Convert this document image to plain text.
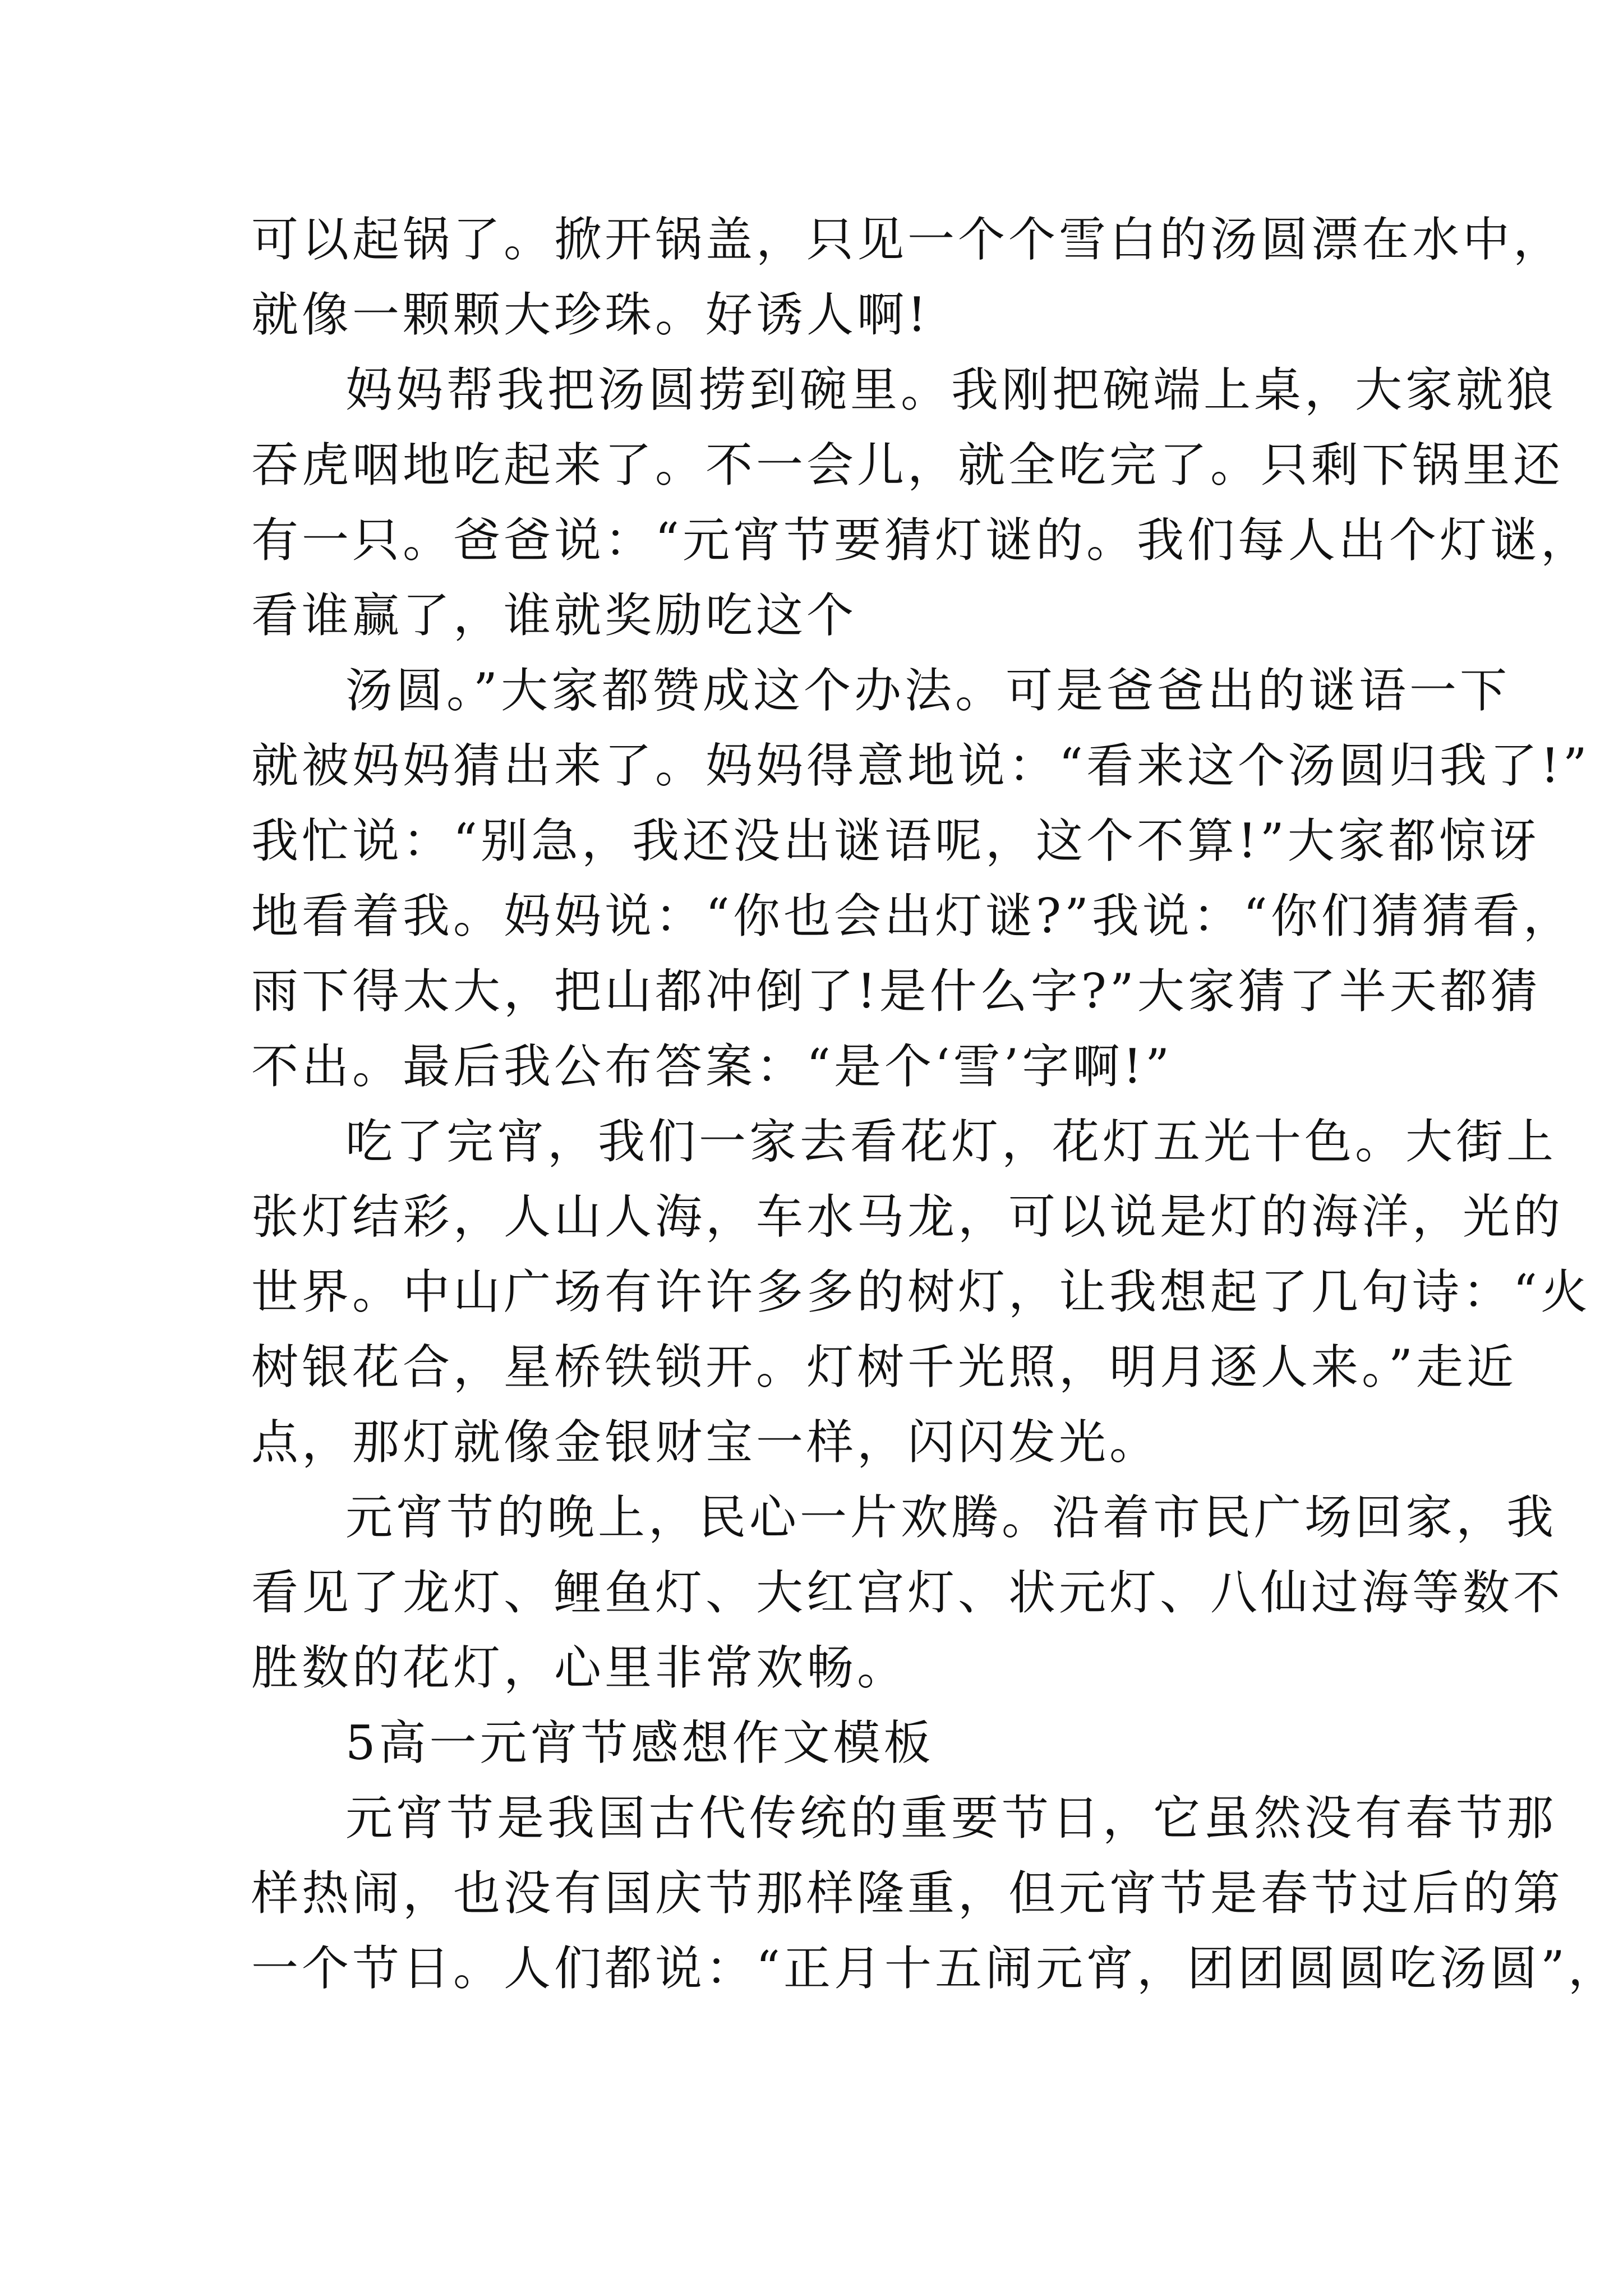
可以起锅了。掀开锅盖，只见一个个雪白的汤圆漂在水中，
就像一颗颗大珍珠。好诱人啊!
妈妈帮我把汤圆捞到碗里。我刚把碗端上桌，大家就狼
吞虎咽地吃起来了。不一会儿，就全吃完了。只剩下锅里还
有一只。爸爸说：“元宵节要猜灯谜的。我们每人出个灯谜，
看谁赢了，谁就奖励吃这个
汤圆。”大家都赞成这个办法。可是爸爸出的谜语一下
就被妈妈猜出来了。妈妈得意地说：“看来这个汤圆归我了!”
我忙说：“别急，我还没出谜语呢，这个不算!”大家都惊讶
地看着我。妈妈说：“你也会出灯谜?”我说：“你们猜猜看，
雨下得太大，把山都冲倒了!是什么字?”大家猜了半天都猜
不出。最后我公布答案：“是个‘雪’字啊!”
吃了完宵，我们一家去看花灯，花灯五光十色。大街上
张灯结彩，人山人海，车水马龙，可以说是灯的海洋，光的
世界。中山广场有许许多多的树灯，让我想起了几句诗：“火
树银花合，星桥铁锁开。灯树千光照，明月逐人来。”走近
点，那灯就像金银财宝一样，闪闪发光。
元宵节的晚上，民心一片欢腾。沿着市民广场回家，我
看见了龙灯、鲤鱼灯、大红宫灯、状元灯、八仙过海等数不
胜数的花灯，心里非常欢畅。
5高一元宵节感想作文模板
元宵节是我国古代传统的重要节日，它虽然没有春节那
样热闹，也没有国庆节那样隆重，但元宵节是春节过后的第
一个节日。人们都说：“正月十五闹元宵，团团圆圆吃汤圆”，
